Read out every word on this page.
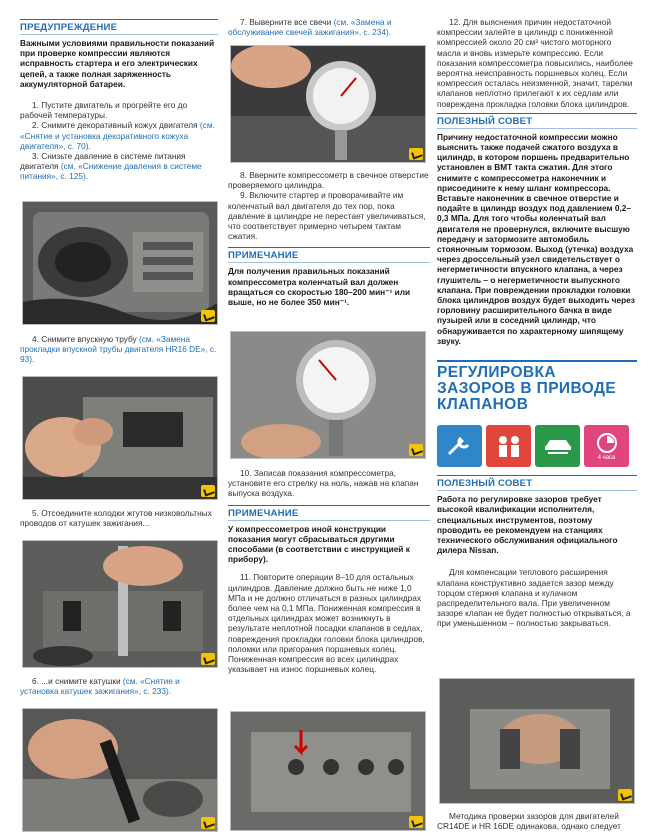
ПРЕДУПРЕЖДЕНИЕ
Важными условиями правильности показаний при проверке компрессии являются исправность стартера и его электрических цепей, а также полная заряженность аккумуляторной батареи.
1. Пустите двигатель и прогрейте его до рабочей температуры.
2. Снимите декоративный кожух двигателя (см. «Снятие и установка декоративного кожуха двигателя», с. 70).
3. Снизьте давление в системе питания двигателя (см. «Снижение давления в системе питания», с. 125).
4. Снимите впускную трубу (см. «Замена прокладки впускной трубы двигателя HR16 DE», с. 93).
5. Отсоедините колодки жгутов низковольтных проводов от катушек зажигания...
6. ...и снимите катушки (см. «Снятие и установка катушек зажигания», с. 233).
7. Выверните все свечи (см. «Замена и обслуживание свечей зажигания», с. 234).
8. Вверните компрессометр в свечное отверстие проверяемого цилиндра.
9. Включите стартер и проворачивайте им коленчатый вал двигателя до тех пор, пока давление в цилиндре не перестает увеличиваться, что соответствует примерно четырем тактам сжатия.
ПРИМЕЧАНИЕ
Для получения правильных показаний компрессометра коленчатый вал должен вращаться со скоростью 180–200 мин⁻¹ или выше, но не более 350 мин⁻¹.
10. Записав показания компрессометра, установите его стрелку на ноль, нажав на клапан выпуска воздуха.
ПРИМЕЧАНИЕ
У компрессометров иной конструкции показания могут сбрасываться другими способами (в соответствии с инструкцией к прибору).
11. Повторите операции 8–10 для остальных цилиндров. Давление должно быть не ниже 1,0 МПа и не должно отличаться в разных цилиндрах более чем на 0,1 МПа. Пониженная компрессия в отдельных цилиндрах может возникнуть в результате неплотной посадки клапанов в седлах, повреждения прокладки головки блока цилиндров, поломки или пригорания поршневых колец. Пониженная компрессия во всех цилиндрах указывает на износ поршневых колец.
12. Для выяснения причин недостаточной компрессии залейте в цилиндр с пониженной компрессией около 20 см³ чистого моторного масла и вновь измерьте компрессию. Если показания компрессометра повысились, наиболее вероятна неисправность поршневых колец. Если компрессия осталась неизменной, значит, тарелки клапанов неплотно прилегают к их седлам или повреждена прокладка головки блока цилиндров.
ПОЛЕЗНЫЙ СОВЕТ
Причину недостаточной компрессии можно выяснить также подачей сжатого воздуха в цилиндр, в котором поршень предварительно установлен в ВМТ такта сжатия. Для этого снимите с компрессометра наконечник и присоедините к нему шланг компрессора. Вставьте наконечник в свечное отверстие и подайте в цилиндр воздух под давлением 0,2–0,3 МПа. Для того чтобы коленчатый вал двигателя не провернулся, включите высшую передачу и затормозите автомобиль стояночным тормозом. Выход (утечка) воздуха через дроссельный узел свидетельствует о негерметичности впускного клапана, а через глушитель – о негерметичности выпускного клапана. При повреждении прокладки головки блока цилиндров воздух будет выходить через горловину расширительного бачка в виде пузырей или в соседний цилиндр, что обнаруживается по характерному шипящему звуку.
РЕГУЛИРОВКА
ЗАЗОРОВ В ПРИВОДЕ
КЛАПАНОВ
4 часа
ПОЛЕЗНЫЙ СОВЕТ
Работа по регулировке зазоров требует высокой квалификации исполнителя, специальных инструментов, поэтому проводить ее рекомендуем на станциях технического обслуживания официального дилера Nissan.
Для компенсации теплового расширения клапана конструктивно задается зазор между торцом стержня клапана и кулачком распределительного вала. При увеличенном зазоре клапан не будет полностью открываться, а при уменьшенном – полностью закрываться.
Методика проверки зазоров для двигателей CR14DE и HR 16DE одинакова, однако следует
